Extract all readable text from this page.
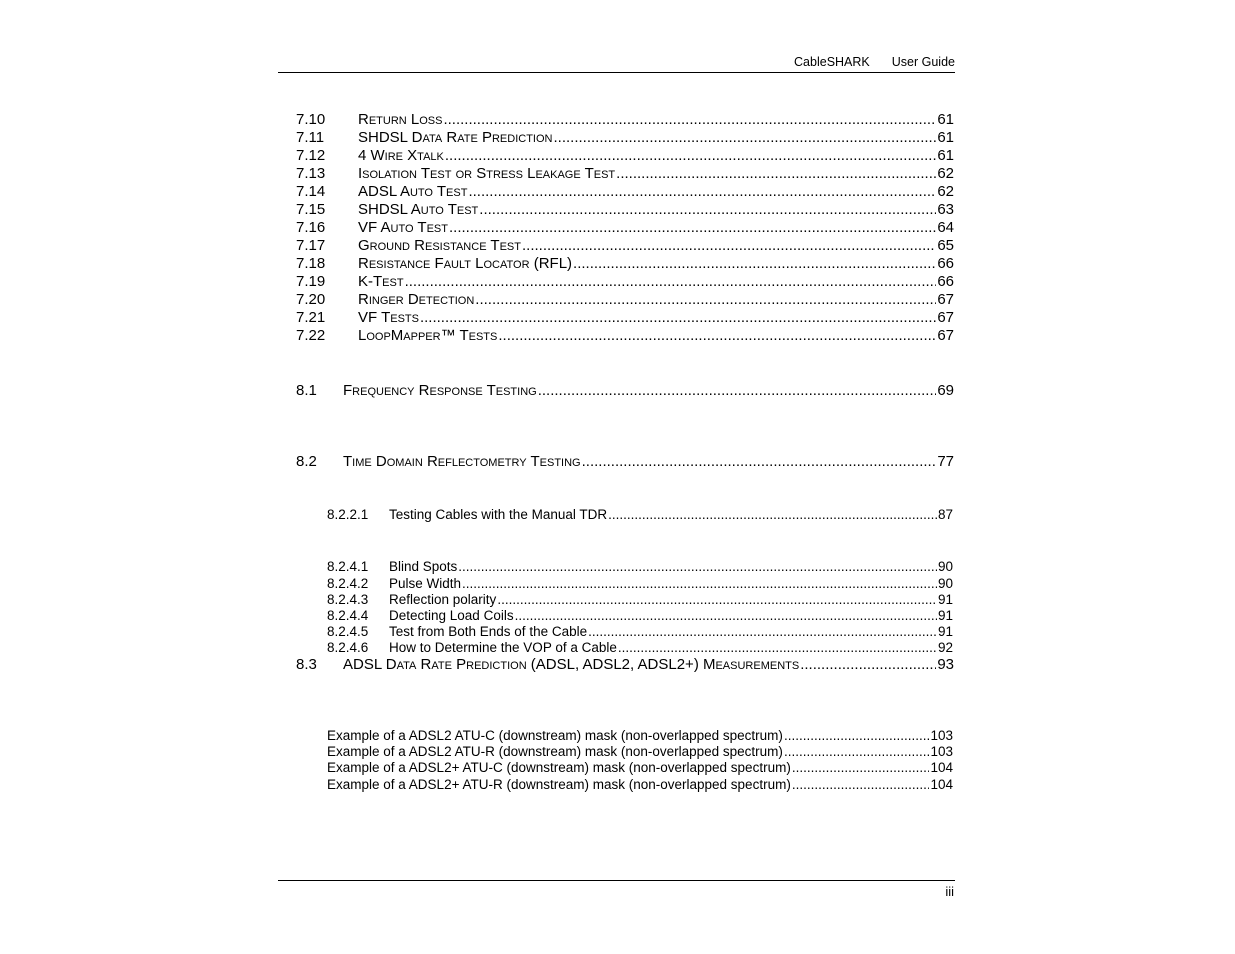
CableSHARK User Guide
7.10	Return Loss .....	61
7.11	SHDSL Data Rate Prediction .....	61
7.12	4 Wire Xtalk .....	61
7.13	Isolation Test or Stress Leakage Test .....	62
7.14	ADSL Auto Test .....	62
7.15	SHDSL Auto Test .....	63
7.16	VF Auto Test .....	64
7.17	Ground Resistance Test .....	65
7.18	Resistance Fault Locator (RFL) .....	66
7.19	K-Test .....	66
7.20	Ringer Detection .....	67
7.21	VF Tests .....	67
7.22	LoopMapper™ Tests .....	67
8.1	Frequency Response Testing .....	69
8.2	Time Domain Reflectometry Testing .....	77
8.2.2.1	Testing Cables with the Manual TDR .....	87
8.2.4.1	Blind Spots .....	90
8.2.4.2	Pulse Width .....	90
8.2.4.3	Reflection polarity .....	91
8.2.4.4	Detecting Load Coils .....	91
8.2.4.5	Test from Both Ends of the Cable .....	91
8.2.4.6	How to Determine the VOP of a Cable .....	92
8.3	ADSL Data Rate Prediction (ADSL, ADSL2, ADSL2+) Measurements .....	93
Example of a ADSL2 ATU-C (downstream) mask (non-overlapped spectrum) .....	103
Example of a ADSL2 ATU-R (downstream) mask (non-overlapped spectrum) .....	103
Example of a ADSL2+ ATU-C (downstream) mask (non-overlapped spectrum) .....	104
Example of a ADSL2+ ATU-R (downstream) mask (non-overlapped spectrum) .....	104
iii
